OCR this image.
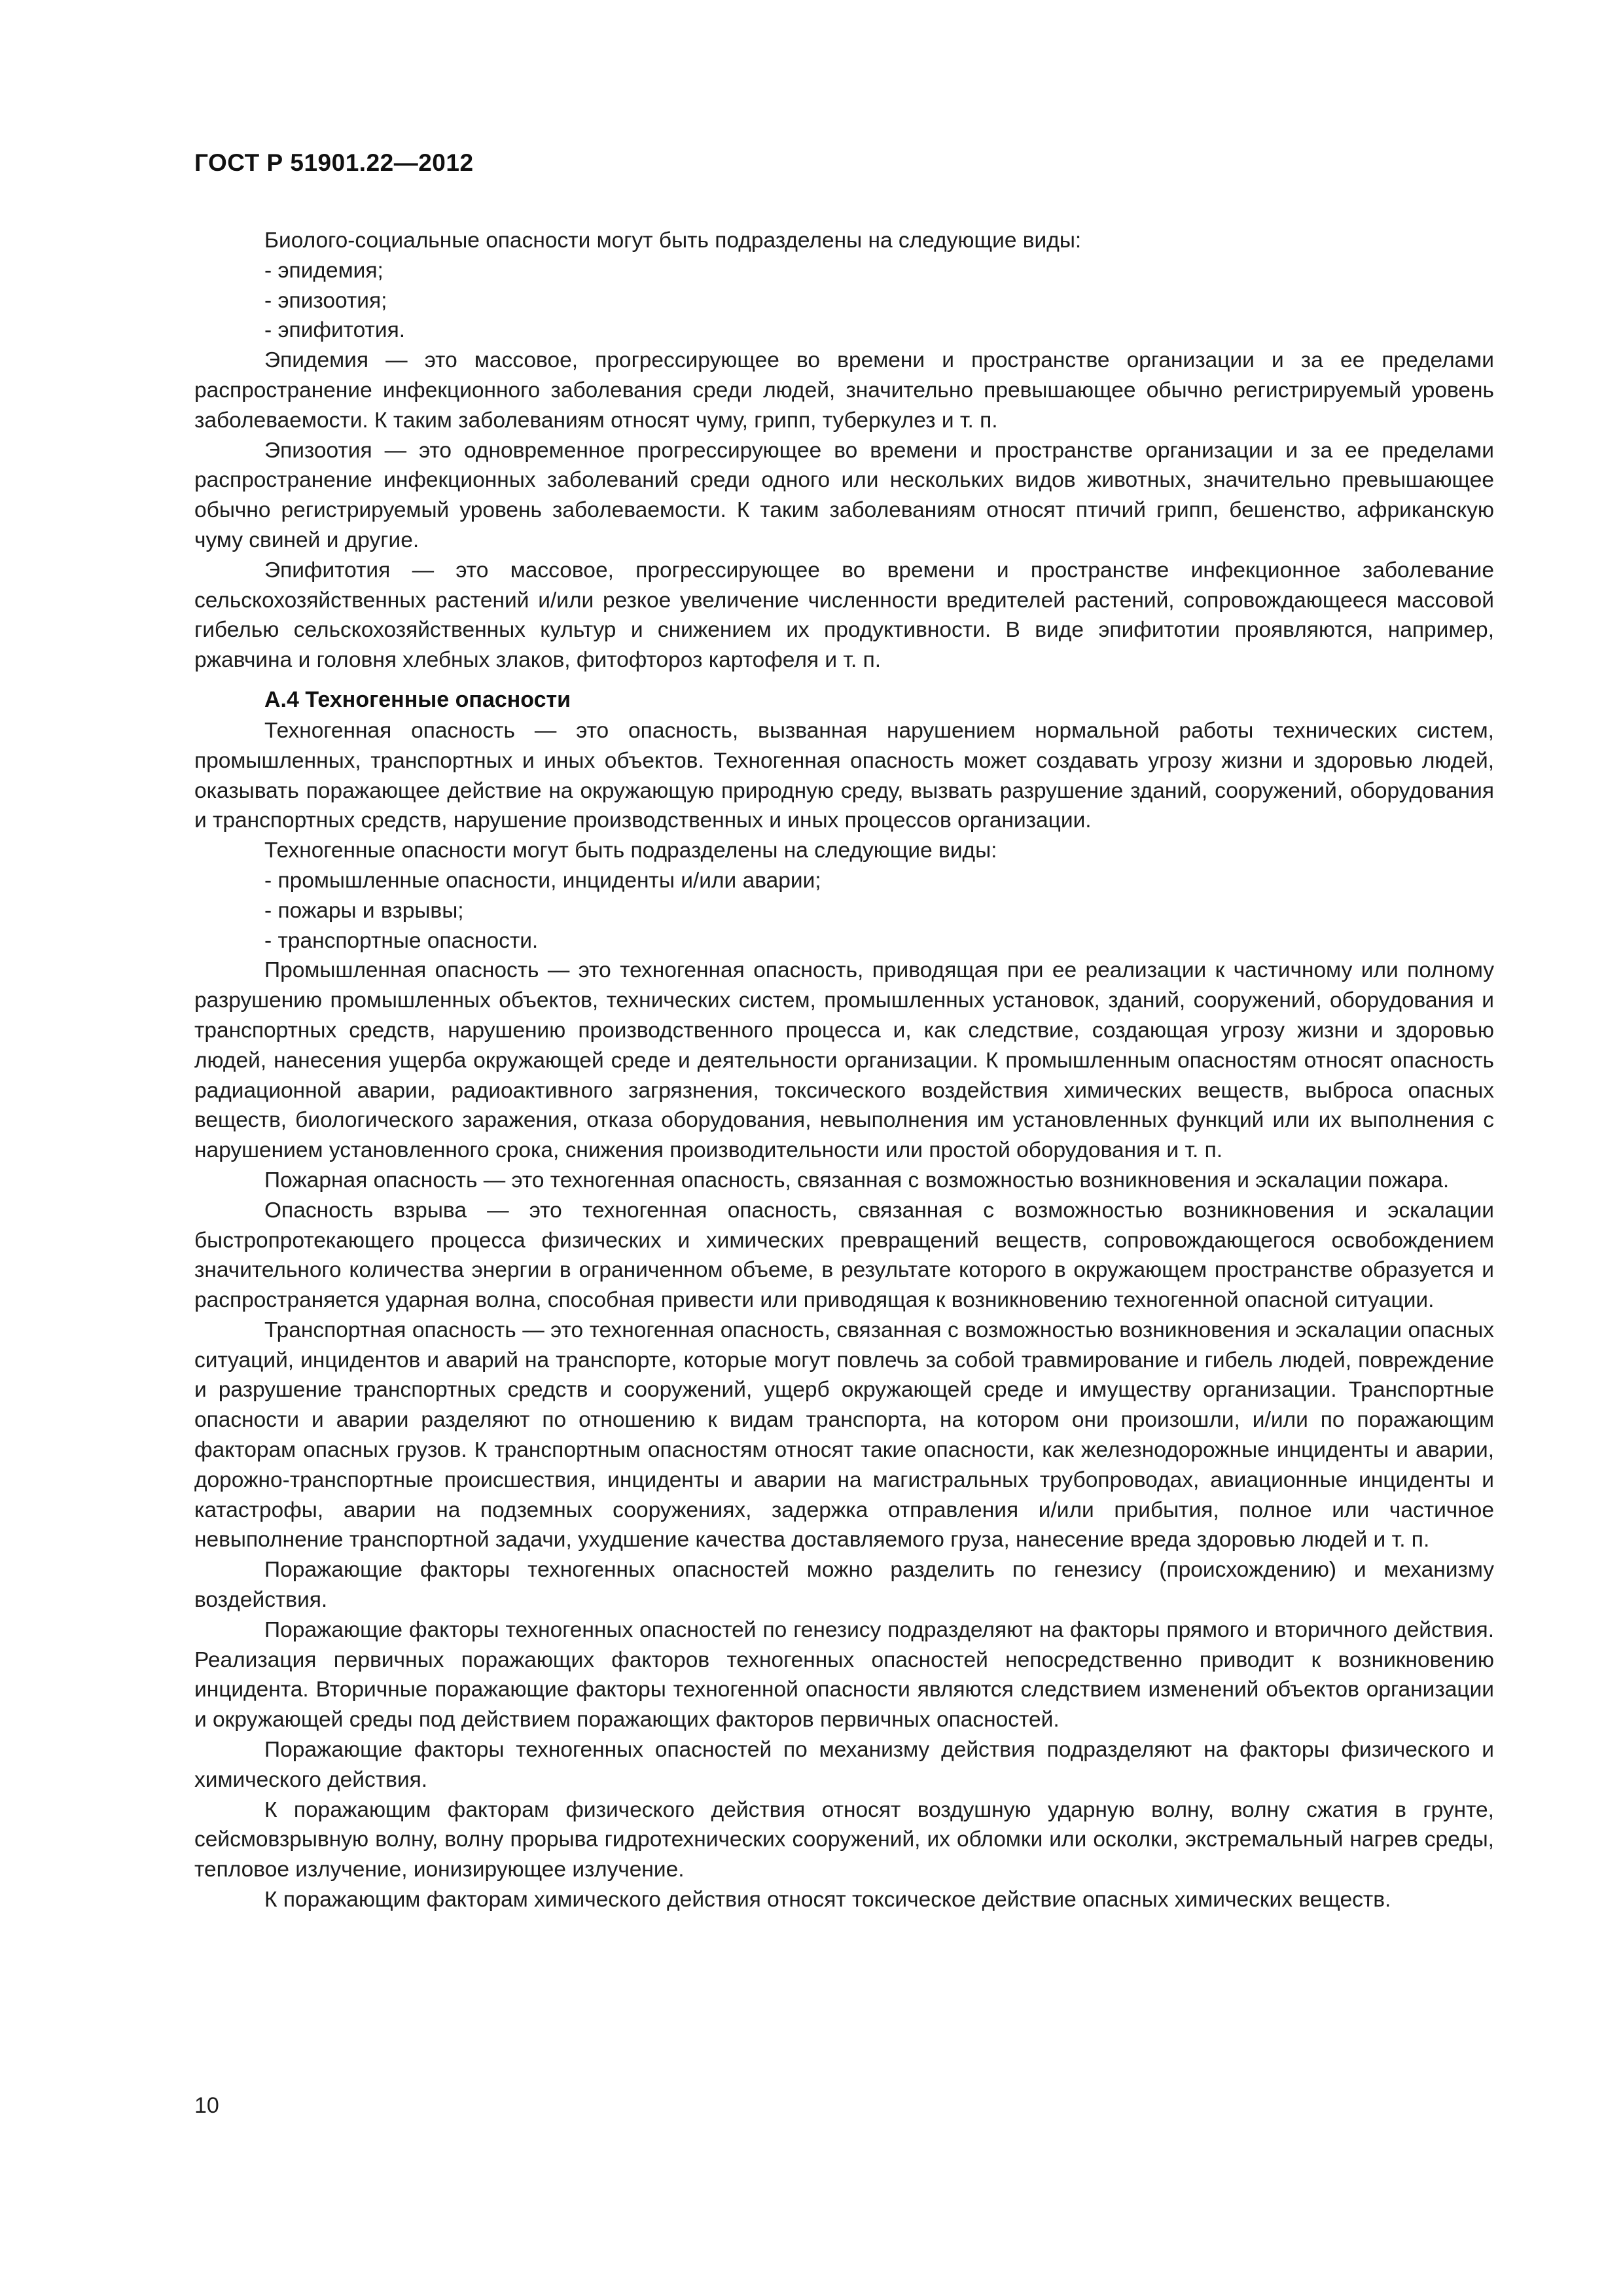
ГОСТ Р 51901.22—2012

Биолого-социальные опасности могут быть подразделены на следующие виды:

- эпидемия;

- эпизоотия;

- эпифитотия.

Эпидемия — это массовое, прогрессирующее во времени и пространстве организации и за ее пределами распространение инфекционного заболевания среди людей, значительно превышающее обычно регистрируемый уровень заболеваемости. К таким заболеваниям относят чуму, грипп, туберкулез и т. п.

Эпизоотия — это одновременное прогрессирующее во времени и пространстве организации и за ее пределами распространение инфекционных заболеваний среди одного или нескольких видов животных, значительно превышающее обычно регистрируемый уровень заболеваемости. К таким заболеваниям относят птичий грипп, бешенство, африканскую чуму свиней и другие.

Эпифитотия — это массовое, прогрессирующее во времени и пространстве инфекционное заболевание сельскохозяйственных растений и/или резкое увеличение численности вредителей растений, сопровождающееся массовой гибелью сельскохозяйственных культур и снижением их продуктивности. В виде эпифитотии проявляются, например, ржавчина и головня хлебных злаков, фитофтороз картофеля и т. п.

А.4 Техногенные опасности

Техногенная опасность — это опасность, вызванная нарушением нормальной работы технических систем, промышленных, транспортных и иных объектов. Техногенная опасность может создавать угрозу жизни и здоровью людей, оказывать поражающее действие на окружающую природную среду, вызвать разрушение зданий, сооружений, оборудования и транспортных средств, нарушение производственных и иных процессов организации.

Техногенные опасности могут быть подразделены на следующие виды:

- промышленные опасности, инциденты и/или аварии;

- пожары и взрывы;

- транспортные опасности.

Промышленная опасность — это техногенная опасность, приводящая при ее реализации к частичному или полному разрушению промышленных объектов, технических систем, промышленных установок, зданий, сооружений, оборудования и транспортных средств, нарушению производственного процесса и, как следствие, создающая угрозу жизни и здоровью людей, нанесения ущерба окружающей среде и деятельности организации. К промышленным опасностям относят опасность радиационной аварии, радиоактивного загрязнения, токсического воздействия химических веществ, выброса опасных веществ, биологического заражения, отказа оборудования, невыполнения им установленных функций или их выполнения с нарушением установленного срока, снижения производительности или простой оборудования и т. п.

Пожарная опасность — это техногенная опасность, связанная с возможностью возникновения и эскалации пожара.

Опасность взрыва — это техногенная опасность, связанная с возможностью возникновения и эскалации быстропротекающего процесса физических и химических превращений веществ, сопровождающегося освобождением значительного количества энергии в ограниченном объеме, в результате которого в окружающем пространстве образуется и распространяется ударная волна, способная привести или приводящая к возникновению техногенной опасной ситуации.

Транспортная опасность — это техногенная опасность, связанная с возможностью возникновения и эскалации опасных ситуаций, инцидентов и аварий на транспорте, которые могут повлечь за собой травмирование и гибель людей, повреждение и разрушение транспортных средств и сооружений, ущерб окружающей среде и имуществу организации. Транспортные опасности и аварии разделяют по отношению к видам транспорта, на котором они произошли, и/или по поражающим факторам опасных грузов. К транспортным опасностям относят такие опасности, как железнодорожные инциденты и аварии, дорожно-транспортные происшествия, инциденты и аварии на магистральных трубопроводах, авиационные инциденты и катастрофы, аварии на подземных сооружениях, задержка отправления и/или прибытия, полное или частичное невыполнение транспортной задачи, ухудшение качества доставляемого груза, нанесение вреда здоровью людей и т. п.

Поражающие факторы техногенных опасностей можно разделить по генезису (происхождению) и механизму воздействия.

Поражающие факторы техногенных опасностей по генезису подразделяют на факторы прямого и вторичного действия. Реализация первичных поражающих факторов техногенных опасностей непосредственно приводит к возникновению инцидента. Вторичные поражающие факторы техногенной опасности являются следствием изменений объектов организации и окружающей среды под действием поражающих факторов первичных опасностей.

Поражающие факторы техногенных опасностей по механизму действия подразделяют на факторы физического и химического действия.

К поражающим факторам физического действия относят воздушную ударную волну, волну сжатия в грунте, сейсмовзрывную волну, волну прорыва гидротехнических сооружений, их обломки или осколки, экстремальный нагрев среды, тепловое излучение, ионизирующее излучение.

К поражающим факторам химического действия относят токсическое действие опасных химических веществ.

10
